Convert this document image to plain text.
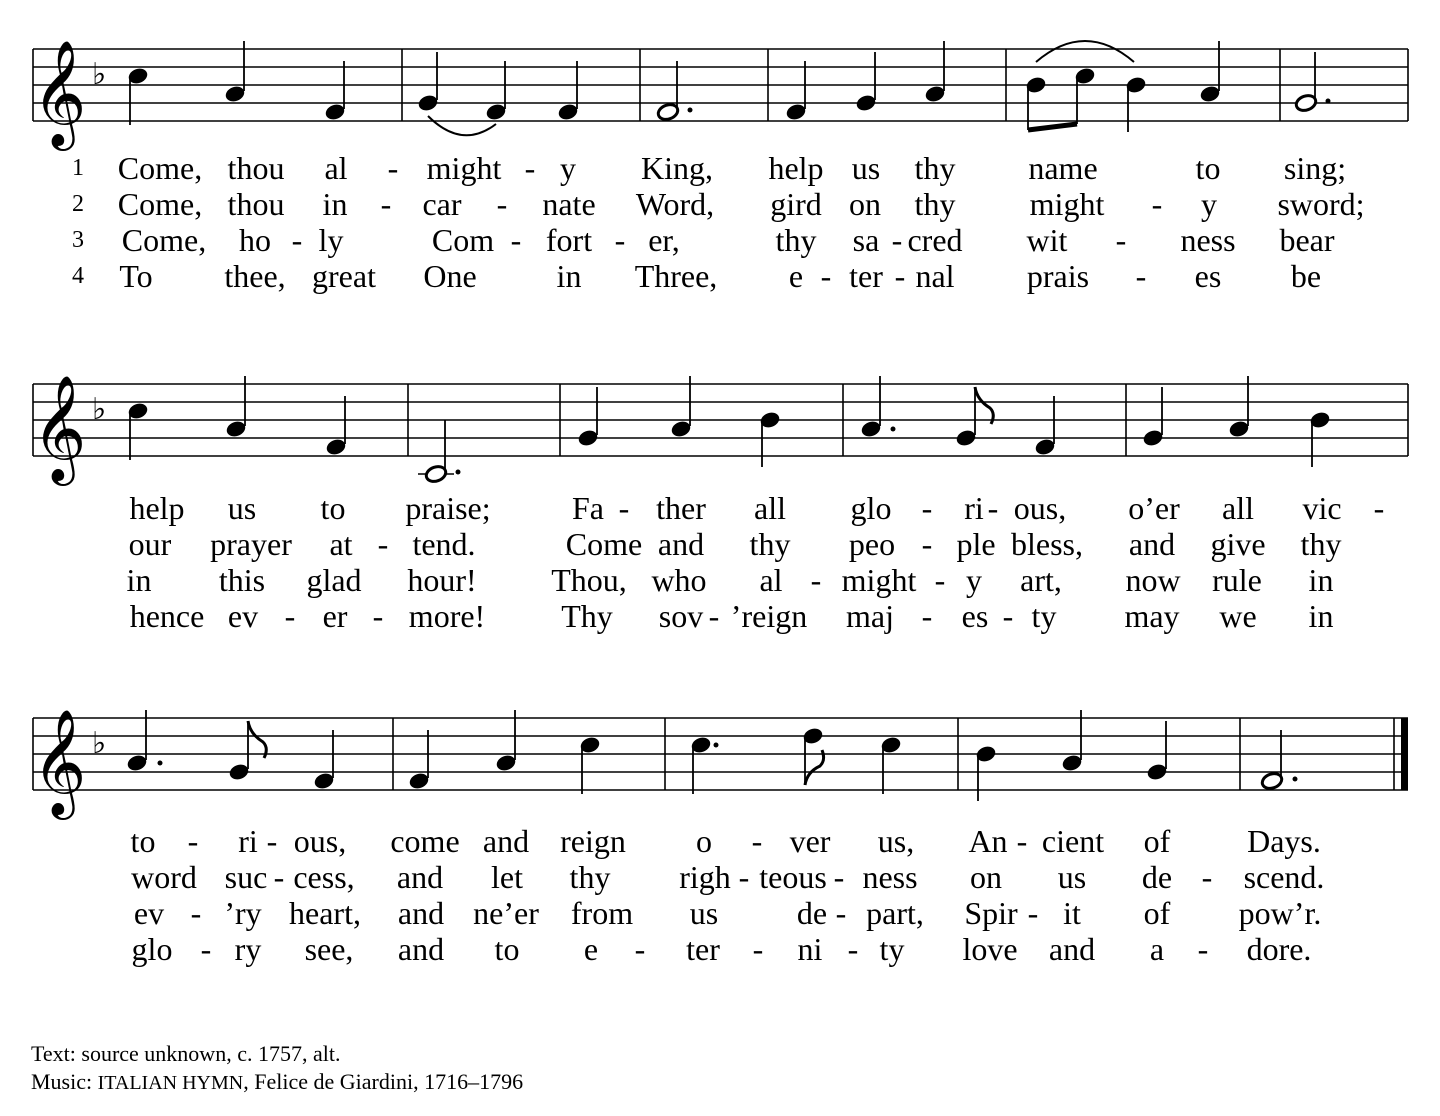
𝄞 ♭
1 Come, thou al - might - y King, help us thy name	to sing;
2 Come, thou in - car - nate Word, gird on thy might - y sword;
3 Come, ho - ly	Com - fort - er,	thy sa - cred wit - ness bear
4 To thee, great One in Three, e - ter - nal prais - es be
𝄞 ♭
help us to praise;	Fa - ther all glo - ri - ous, o’er all vic -
our prayer at - tend.	Come and thy peo - ple bless, and give thy
in this glad hour! Thou, who al - might - y art, now rule in
hence ev - er - more! Thy sov - ’reign maj - es - ty may we in
𝄞 ♭
to - ri - ous, come and reign o - ver us, An - cient of Days.
word suc - cess, and let thy righ - teous - ness on us de - scend.
ev - ’ry heart, and ne’er from us de - part, Spir - it of pow’r.
glo - ry see, and to e - ter - ni - ty love and a - dore.
Text: source unknown, c. 1757, alt.
Music: ITALIAN HYMN, Felice de Giardini, 1716–1796
